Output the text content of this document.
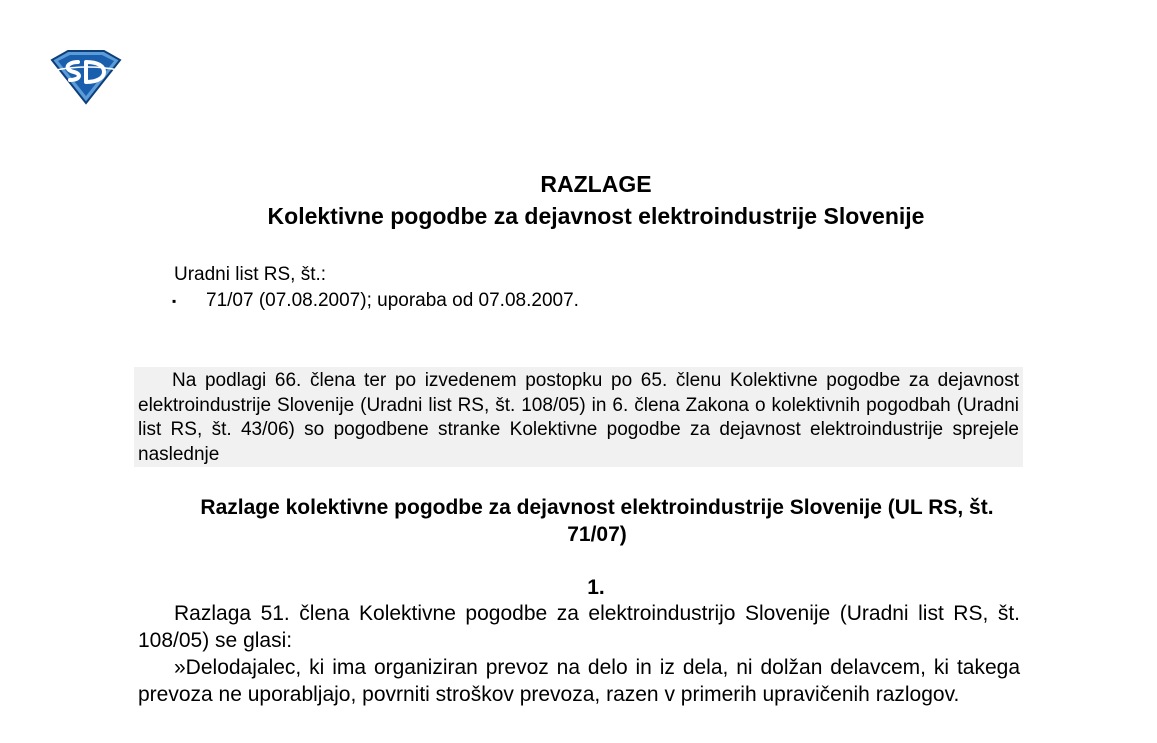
RAZLAGE
Kolektivne pogodbe za dejavnost elektroindustrije Slovenije
Uradni list RS, št.:
▪ 71/07 (07.08.2007); uporaba od 07.08.2007.
Na podlagi 66. člena ter po izvedenem postopku po 65. členu Kolektivne pogodbe za dejavnost elektroindustrije Slovenije (Uradni list RS, št. 108/05) in 6. člena Zakona o kolektivnih pogodbah (Uradni list RS, št. 43/06) so pogodbene stranke Kolektivne pogodbe za dejavnost elektroindustrije sprejele naslednje
Razlage kolektivne pogodbe za dejavnost elektroindustrije Slovenije (UL RS, št. 71/07)
1.

Razlaga 51. člena Kolektivne pogodbe za elektroindustrijo Slovenije (Uradni list RS, št. 108/05) se glasi:

»Delodajalec, ki ima organiziran prevoz na delo in iz dela, ni dolžan delavcem, ki takega prevoza ne uporabljajo, povrniti stroškov prevoza, razen v primerih upravičenih razlogov.
